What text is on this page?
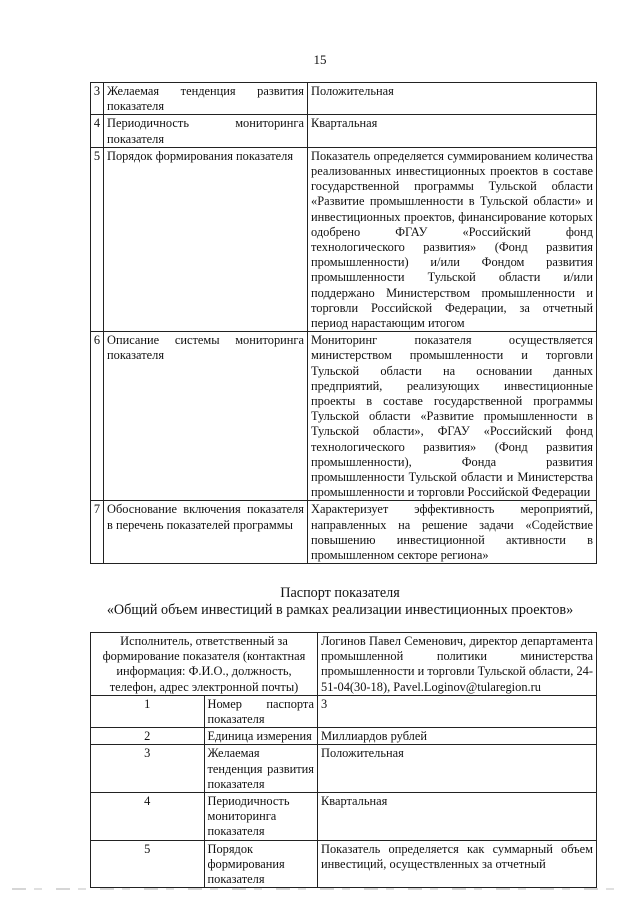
15
3	Желаемая тенденция развития показателя	Положительная
4	Периодичность мониторинга показателя	Квартальная
5	Порядок формирования показателя	Показатель определяется суммированием количества реализованных инвестиционных проектов в составе государственной программы Тульской области «Развитие промышленности в Тульской области» и инвестиционных проектов, финансирование которых одобрено ФГАУ «Российский фонд технологического развития» (Фонд развития промышленности) и/или Фондом развития промышленности Тульской области и/или поддержано Министерством промышленности и торговли Российской Федерации, за отчетный период нарастающим итогом
6	Описание системы мониторинга показателя	Мониторинг показателя осуществляется министерством промышленности и торговли Тульской области на основании данных предприятий, реализующих инвестиционные проекты в составе государственной программы Тульской области «Развитие промышленности в Тульской области», ФГАУ «Российский фонд технологического развития» (Фонд развития промышленности), Фонда развития промышленности Тульской области и Министерства промышленности и торговли Российской Федерации
7	Обоснование включения показателя в перечень показателей программы	Характеризует эффективность мероприятий, направленных на решение задачи «Содействие повышению инвестиционной активности в промышленном секторе региона»
Паспорт показателя
«Общий объем инвестиций в рамках реализации инвестиционных проектов»
Исполнитель, ответственный за формирование показателя (контактная информация: Ф.И.О., должность, телефон, адрес электронной почты)		Логинов Павел Семенович, директор департамента промышленной политики министерства промышленности и торговли Тульской области, 24-51-04(30-18), Pavel.Loginov@tularegion.ru
1	Номер паспорта показателя	3
2	Единица измерения	Миллиардов рублей
3	Желаемая тенденция развития показателя	Положительная
4	Периодичность мониторинга показателя	Квартальная
5	Порядок формирования показателя	Показатель определяется как суммарный объем инвестиций, осуществленных за отчетный
